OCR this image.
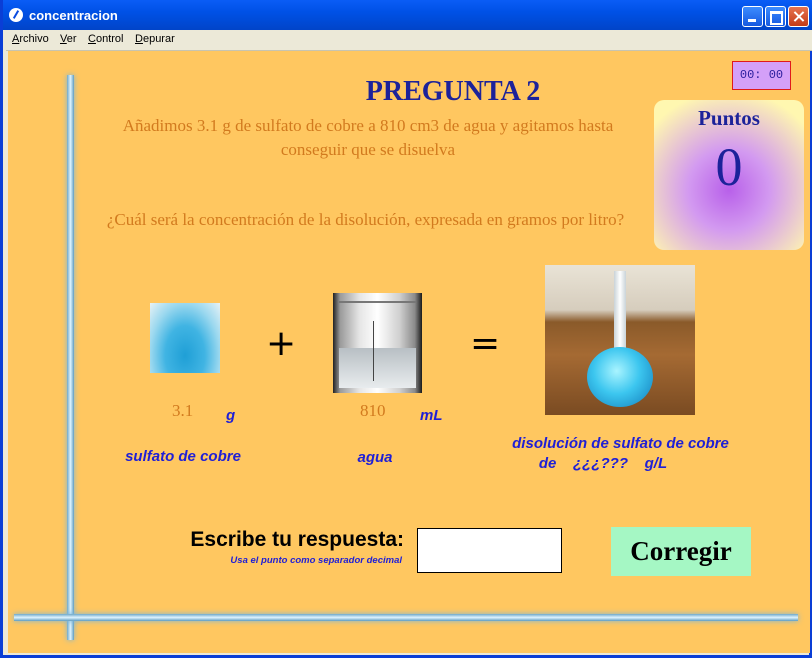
concentracion
Archivo Ver Control Depurar
00: 00
PREGUNTA 2
Añadimos 3.1 g de sulfato de cobre a 810 cm3 de agua y agitamos hasta conseguir que se disuelva
¿Cuál será la concentración de la disolución, expresada en gramos por litro?
Puntos
0
+	=
3.1 g
sulfato de cobre
810 mL
agua
disolución de sulfato de cobre
de    ¿¿¿???    g/L
Escribe tu respuesta:
Usa el punto como separador decimal	Corregir
